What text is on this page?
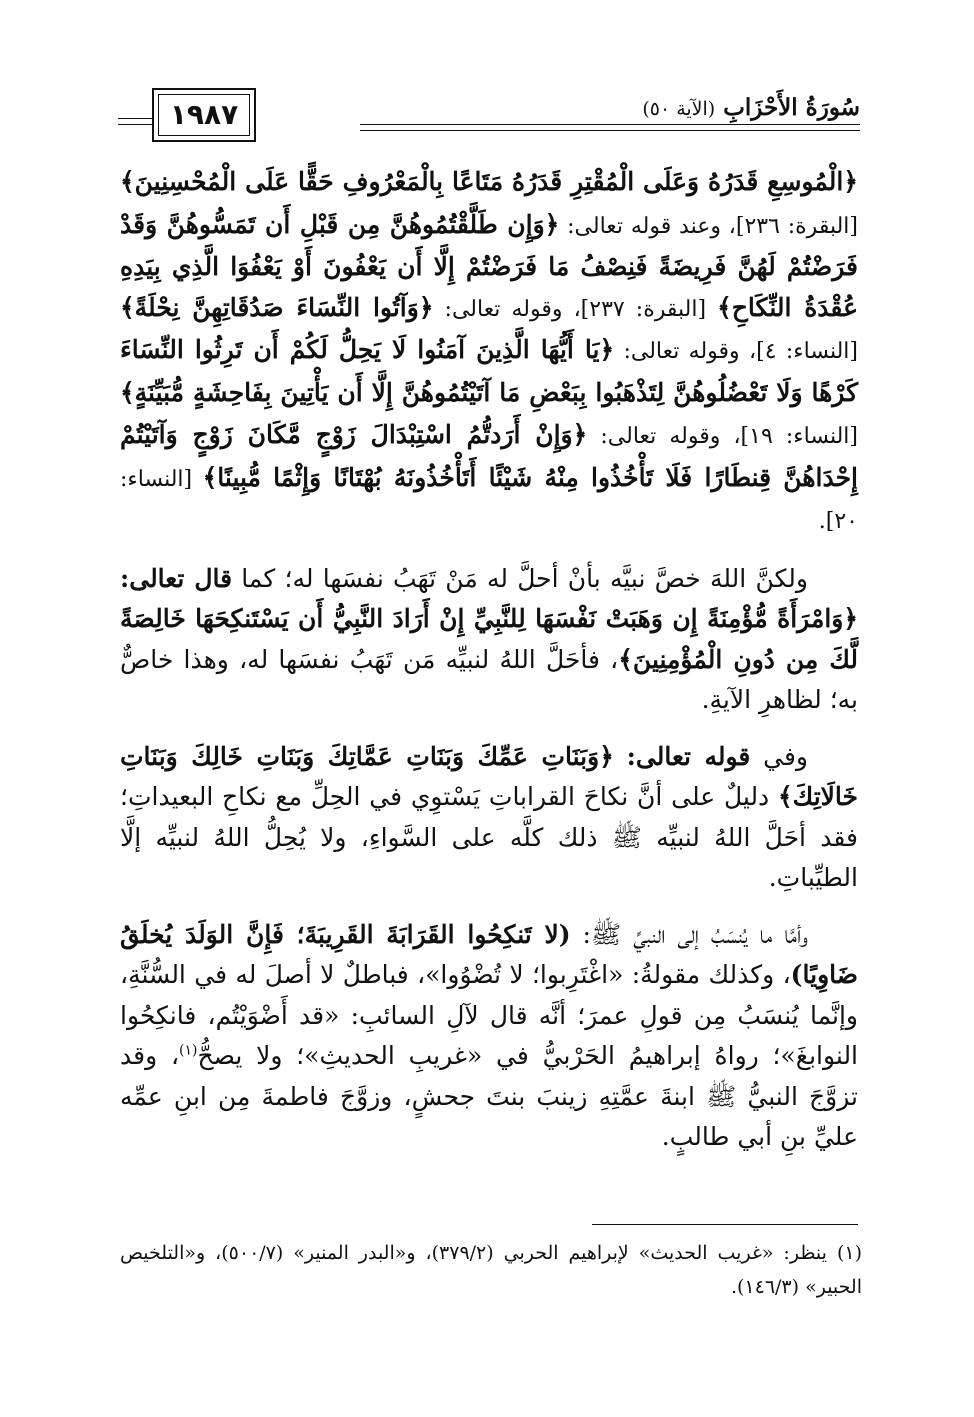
سُورَةُ الأَحْزَابِ (الآية ٥٠)
١٩٨٧

﴿الْمُوسِعِ قَدَرُهُ وَعَلَى الْمُقْتِرِ قَدَرُهُ مَتَاعًا بِالْمَعْرُوفِ حَقًّا عَلَى الْمُحْسِنِينَ﴾ [البقرة: ٢٣٦]، وعند قوله تعالى: ﴿وَإِن طَلَّقْتُمُوهُنَّ مِن قَبْلِ أَن تَمَسُّوهُنَّ وَقَدْ فَرَضْتُمْ لَهُنَّ فَرِيضَةً فَنِصْفُ مَا فَرَضْتُمْ إِلَّا أَن يَعْفُونَ أَوْ يَعْفُوَا الَّذِي بِيَدِهِ عُقْدَةُ النِّكَاحِ﴾ [البقرة: ٢٣٧]، وقوله تعالى: ﴿وَآتُوا النِّسَاءَ صَدُقَاتِهِنَّ نِحْلَةً﴾ [النساء: ٤]، وقوله تعالى: ﴿يَا أَيُّهَا الَّذِينَ آمَنُوا لَا يَحِلُّ لَكُمْ أَن تَرِثُوا النِّسَاءَ كَرْهًا وَلَا تَعْضُلُوهُنَّ لِتَذْهَبُوا بِبَعْضِ مَا آتَيْتُمُوهُنَّ إِلَّا أَن يَأْتِينَ بِفَاحِشَةٍ مُّبَيِّنَةٍ﴾ [النساء: ١٩]، وقوله تعالى: ﴿وَإِنْ أَرَدتُّمُ اسْتِبْدَالَ زَوْجٍ مَّكَانَ زَوْجٍ وَآتَيْتُمْ إِحْدَاهُنَّ قِنطَارًا فَلَا تَأْخُذُوا مِنْهُ شَيْئًا أَتَأْخُذُونَهُ بُهْتَانًا وَإِثْمًا مُّبِينًا﴾ [النساء: ٢٠].

ولكنَّ اللهَ خصَّ نبيَّه بأنْ أحلَّ له مَنْ تَهَبُ نفسَها له؛ كما قال تعالى: ﴿وَامْرَأَةً مُّؤْمِنَةً إِن وَهَبَتْ نَفْسَهَا لِلنَّبِيِّ إِنْ أَرَادَ النَّبِيُّ أَن يَسْتَنكِحَهَا خَالِصَةً لَّكَ مِن دُونِ الْمُؤْمِنِينَ﴾، فأحَلَّ اللهُ لنبيِّه مَن تَهَبُ نفسَها له، وهذا خاصٌّ به؛ لظاهرِ الآيةِ.

وفي قوله تعالى: ﴿وَبَنَاتِ عَمِّكَ وَبَنَاتِ عَمَّاتِكَ وَبَنَاتِ خَالِكَ وَبَنَاتِ خَالَاتِكَ﴾ دليلٌ على أنَّ نكاحَ القراباتِ يَسْتوِي في الحِلِّ مع نكاحِ البعيداتِ؛ فقد أحَلَّ اللهُ لنبيِّه ﷺ ذلك كلَّه على السَّواءِ، ولا يُحِلُّ اللهُ لنبيِّه إلَّا الطيِّباتِ.

وأمَّا ما يُنسَبُ إلى النبيِّ ﷺ: (لا تَنكِحُوا القَرَابَةَ القَرِيبَةَ؛ فَإِنَّ الوَلَدَ يُخلَقُ ضَاوِيًا)، وكذلك مقولةُ: «اغْتَرِبوا؛ لا تُضْوُوا»، فباطلٌ لا أصلَ له في السُّنَّةِ، وإنَّما يُنسَبُ مِن قولِ عمرَ؛ أنَّه قال لآلِ السائبِ: «قد أَضْوَيْتُم، فانكِحُوا النوابغَ»؛ رواهُ إبراهيمُ الحَرْبيُّ في «غريبِ الحديثِ»؛ ولا يصحُّ$^{(١)}$، وقد تزوَّجَ النبيُّ ﷺ ابنةَ عمَّتِهِ زينبَ بنتَ جحشٍ، وزوَّجَ فاطمةَ مِن ابنِ عمِّه عليِّ بنِ أبي طالبٍ.

(١)ينظر: «غريب الحديث» لإبراهيم الحربي (٣٧٩/٢)، و«البدر المنير» (٥٠٠/٧)، و«التلخيص الحبير» (١٤٦/٣).
